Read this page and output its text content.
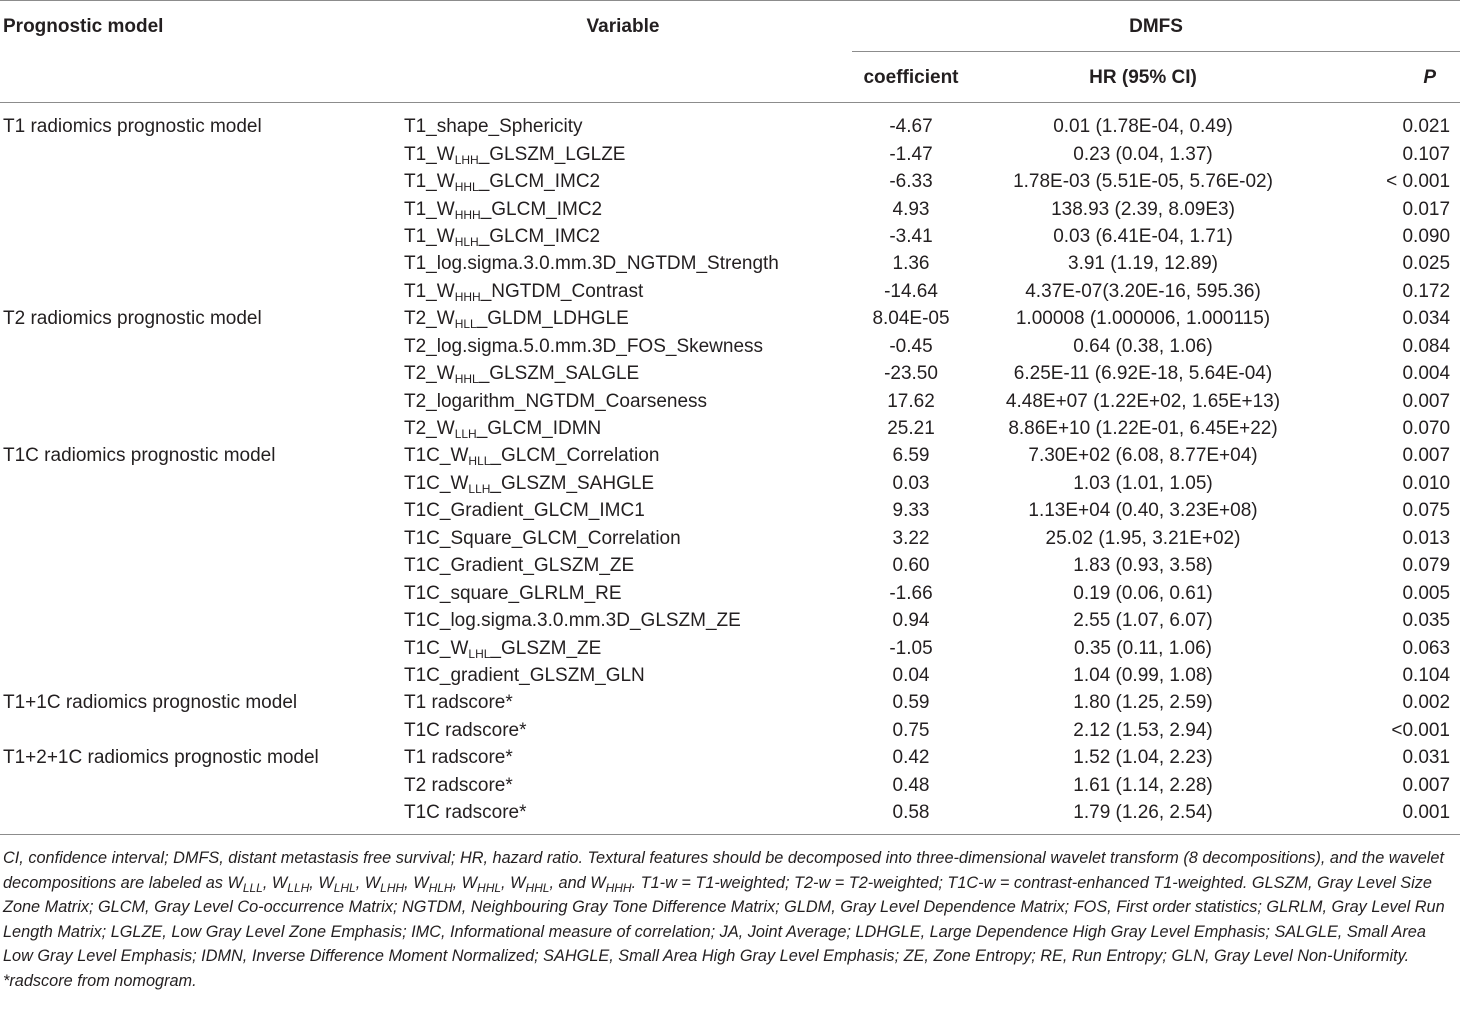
Prognostic model	Variable	DMFS		
		coefficient	HR (95% CI)	P
T1 radiomics prognostic model	T1_shape_Sphericity	-4.67	0.01 (1.78E-04, 0.49)	0.021
	$T1\_W_{LHH}\_GLSZM\_LGLZE$	-1.47	0.23 (0.04, 1.37)	0.107
	$T1\_W_{HHL}\_GLCM\_IMC2$	-6.33	1.78E-03 (5.51E-05, 5.76E-02)	< 0.001
	$T1\_W_{HHH}\_GLCM\_IMC2$	4.93	138.93 (2.39, 8.09E3)	0.017
	$T1\_W_{HLH}\_GLCM\_IMC2$	-3.41	0.03 (6.41E-04, 1.71)	0.090
	T1_log.sigma.3.0.mm.3D_NGTDM_Strength	1.36	3.91 (1.19, 12.89)	0.025
	$T1\_W_{HHH}\_NGTDM\_Contrast$	-14.64	4.37E-07(3.20E-16, 595.36)	0.172
T2 radiomics prognostic model	$T2\_W_{HLL}\_GLDM\_LDHGLE$	8.04E-05	1.00008 (1.000006, 1.000115)	0.034
	T2_log.sigma.5.0.mm.3D_FOS_Skewness	-0.45	0.64 (0.38, 1.06)	0.084
	$T2\_W_{HHL}\_GLSZM\_SALGLE$	-23.50	6.25E-11 (6.92E-18, 5.64E-04)	0.004
	T2_logarithm_NGTDM_Coarseness	17.62	4.48E+07 (1.22E+02, 1.65E+13)	0.007
	$T2\_W_{LLH}\_GLCM\_IDMN$	25.21	8.86E+10 (1.22E-01, 6.45E+22)	0.070
T1C radiomics prognostic model	$T1C\_W_{HLL}\_GLCM\_Correlation$	6.59	7.30E+02 (6.08, 8.77E+04)	0.007
	$T1C\_W_{LLH}\_GLSZM\_SAHGLE$	0.03	1.03 (1.01, 1.05)	0.010
	T1C_Gradient_GLCM_IMC1	9.33	1.13E+04 (0.40, 3.23E+08)	0.075
	T1C_Square_GLCM_Correlation	3.22	25.02 (1.95, 3.21E+02)	0.013
	T1C_Gradient_GLSZM_ZE	0.60	1.83 (0.93, 3.58)	0.079
	T1C_square_GLRLM_RE	-1.66	0.19 (0.06, 0.61)	0.005
	T1C_log.sigma.3.0.mm.3D_GLSZM_ZE	0.94	2.55 (1.07, 6.07)	0.035
	$T1C\_W_{LHL}\_GLSZM\_ZE$	-1.05	0.35 (0.11, 1.06)	0.063
	T1C_gradient_GLSZM_GLN	0.04	1.04 (0.99, 1.08)	0.104
T1+1C radiomics prognostic model	T1 radscore*	0.59	1.80 (1.25, 2.59)	0.002
	T1C radscore*	0.75	2.12 (1.53, 2.94)	<0.001
T1+2+1C radiomics prognostic model	T1 radscore*	0.42	1.52 (1.04, 2.23)	0.031
	T2 radscore*	0.48	1.61 (1.14, 2.28)	0.007
	T1C radscore*	0.58	1.79 (1.26, 2.54)	0.001

CI, confidence interval; DMFS, distant metastasis free survival; HR, hazard ratio. Textural features should be decomposed into three-dimensional wavelet transform (8 decompositions), and the wavelet decompositions are labeled as $W_{LLL}$, $W_{LLH}$, $W_{LHL}$, $W_{LHH}$, $W_{HLH}$, $W_{HHL}$, $W_{HHL}$, and $W_{HHH}$. T1-w = T1-weighted; T2-w = T2-weighted; T1C-w = contrast-enhanced T1-weighted. GLSZM, Gray Level Size Zone Matrix; GLCM, Gray Level Co-occurrence Matrix; NGTDM, Neighbouring Gray Tone Difference Matrix; GLDM, Gray Level Dependence Matrix; FOS, First order statistics; GLRLM, Gray Level Run Length Matrix; LGLZE, Low Gray Level Zone Emphasis; IMC, Informational measure of correlation; JA, Joint Average; LDHGLE, Large Dependence High Gray Level Emphasis; SALGLE, Small Area Low Gray Level Emphasis; IDMN, Inverse Difference Moment Normalized; SAHGLE, Small Area High Gray Level Emphasis; ZE, Zone Entropy; RE, Run Entropy; GLN, Gray Level Non-Uniformity.

*radscore from nomogram.
